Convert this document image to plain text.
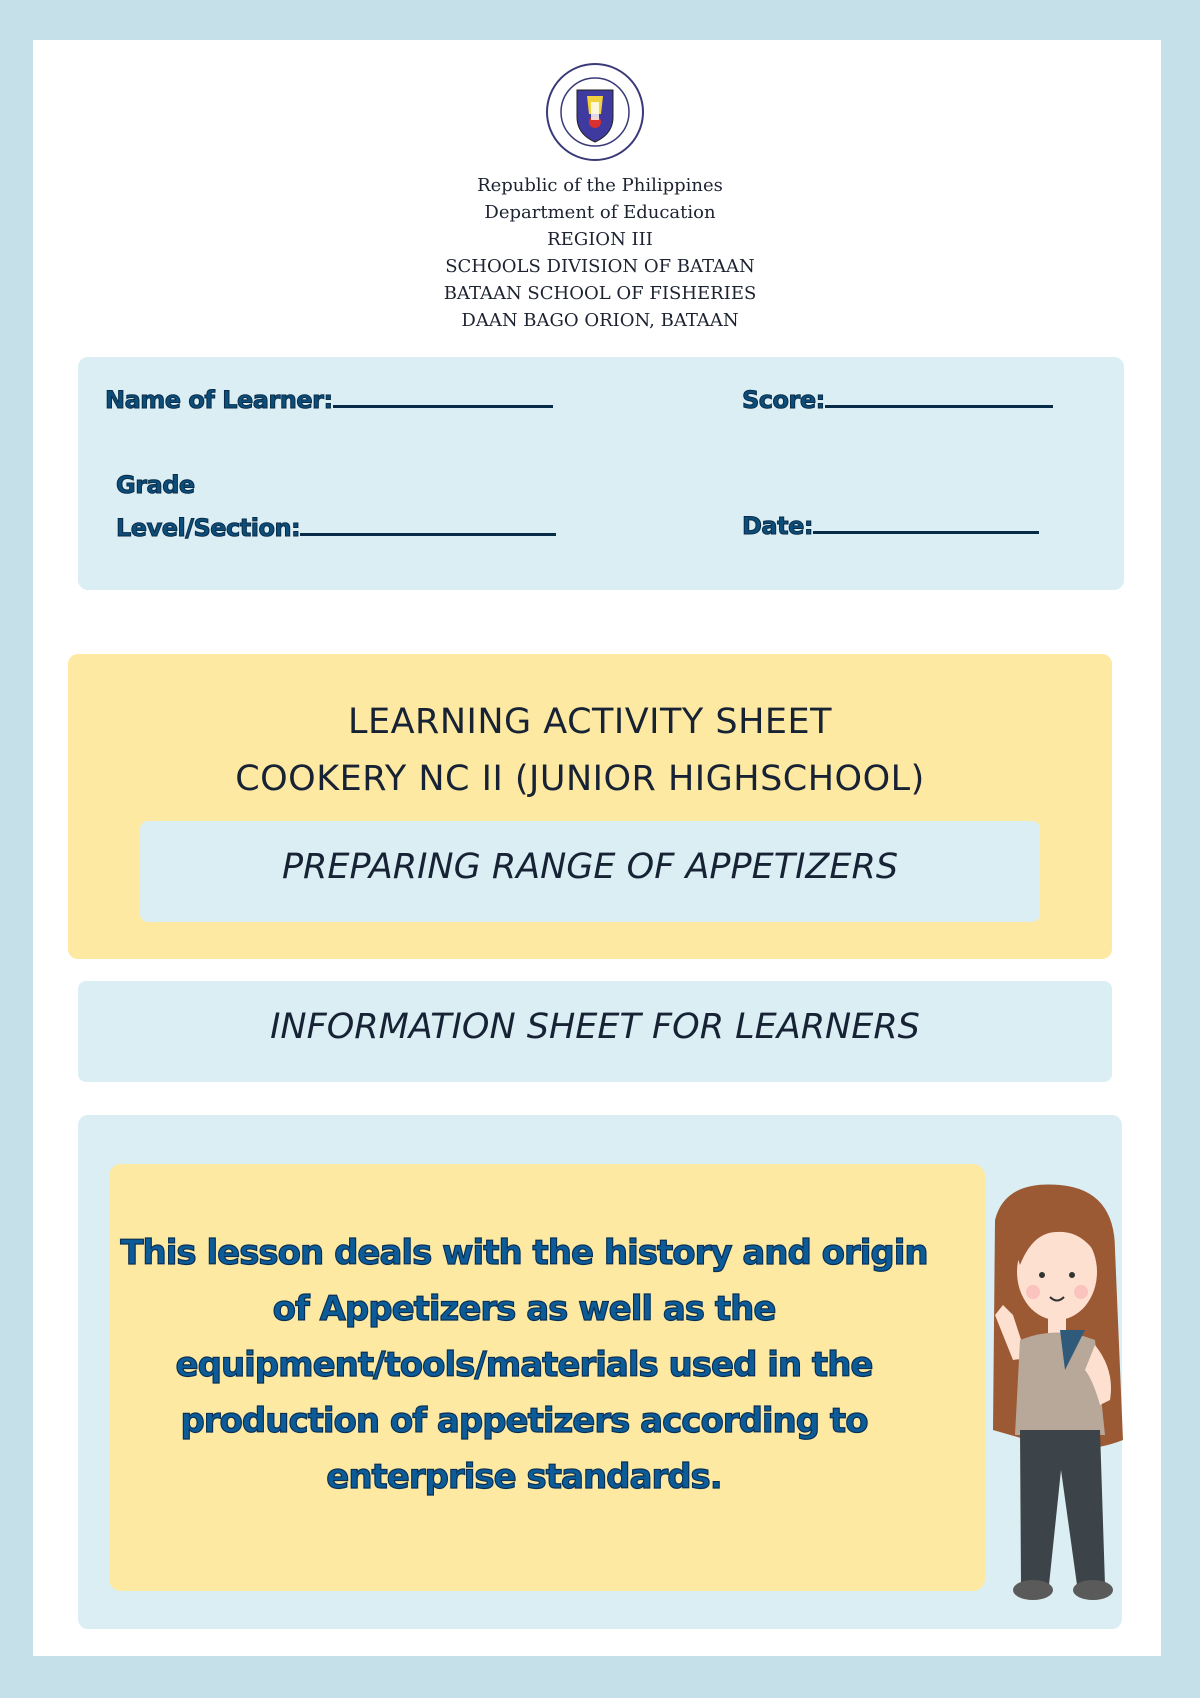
Republic of the Philippines
Department of Education
REGION III
SCHOOLS DIVISION OF BATAAN
BATAAN SCHOOL OF FISHERIES
DAAN BAGO ORION, BATAAN
Name of Learner:	Score:
Grade
Level/Section:	Date:
LEARNING ACTIVITY SHEET
COOKERY NC II (JUNIOR HIGHSCHOOL)
PREPARING RANGE OF APPETIZERS
INFORMATION SHEET FOR LEARNERS
This lesson deals with the history and origin
of Appetizers as well as the
equipment/tools/materials used in the
production of appetizers according to
enterprise standards.
